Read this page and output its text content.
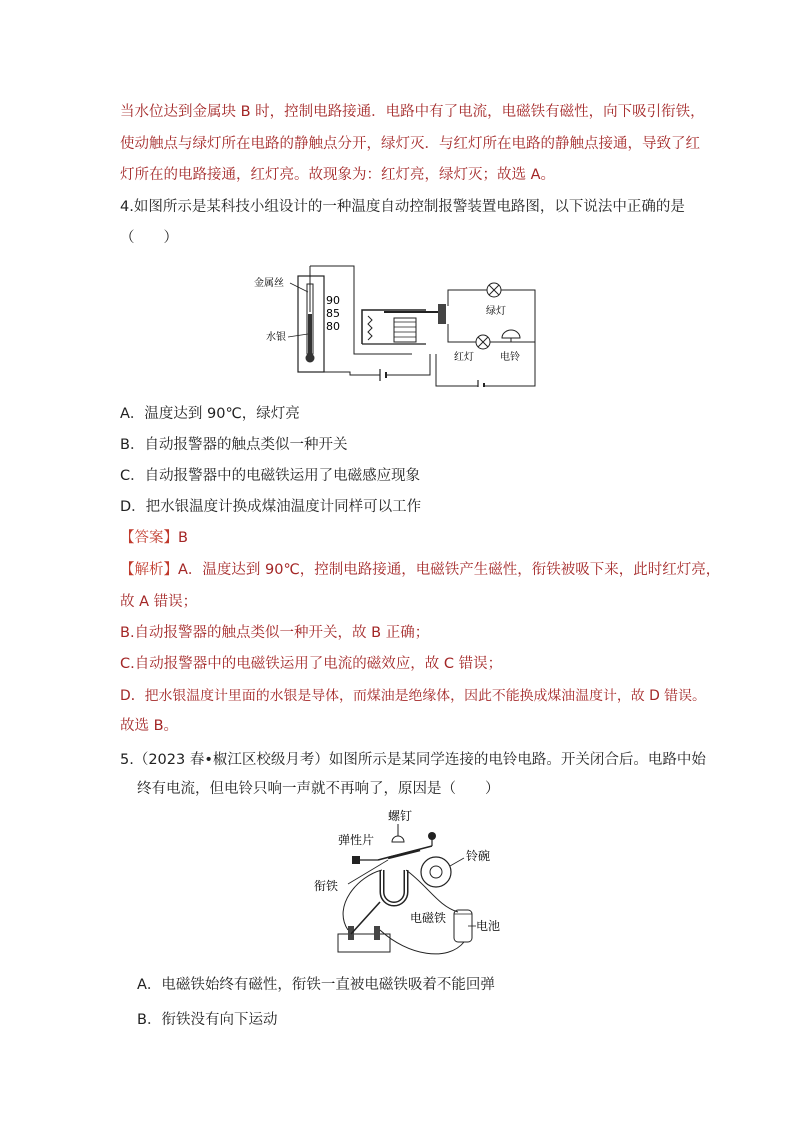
当水位达到金属块 B 时，控制电路接通．电路中有了电流，电磁铁有磁性，向下吸引衔铁，
使动触点与绿灯所在电路的静触点分开，绿灯灭．与红灯所在电路的静触点接通，导致了红
灯所在的电路接通，红灯亮。故现象为：红灯亮，绿灯灭；故选 A。
4.如图所示是某科技小组设计的一种温度自动控制报警装置电路图，以下说法中正确的是
（　　）
金属丝
水银
90
85
80
绿灯
红灯	电铃
A．温度达到 90℃，绿灯亮
B．自动报警器的触点类似一种开关
C．自动报警器中的电磁铁运用了电磁感应现象
D．把水银温度计换成煤油温度计同样可以工作
【答案】B
【解析】A．温度达到 90℃，控制电路接通，电磁铁产生磁性，衔铁被吸下来，此时红灯亮，
故 A 错误；
B.自动报警器的触点类似一种开关，故 B 正确；
C.自动报警器中的电磁铁运用了电流的磁效应，故 C 错误；
D．把水银温度计里面的水银是导体，而煤油是绝缘体，因此不能换成煤油温度计，故 D 错误。
故选 B。
5.（2023 春•椒江区校级月考）如图所示是某同学连接的电铃电路。开关闭合后。电路中始
终有电流，但电铃只响一声就不再响了，原因是（　　）
螺钉
弹性片
铃碗
衔铁
电磁铁
电池
A．电磁铁始终有磁性，衔铁一直被电磁铁吸着不能回弹
B．衔铁没有向下运动
